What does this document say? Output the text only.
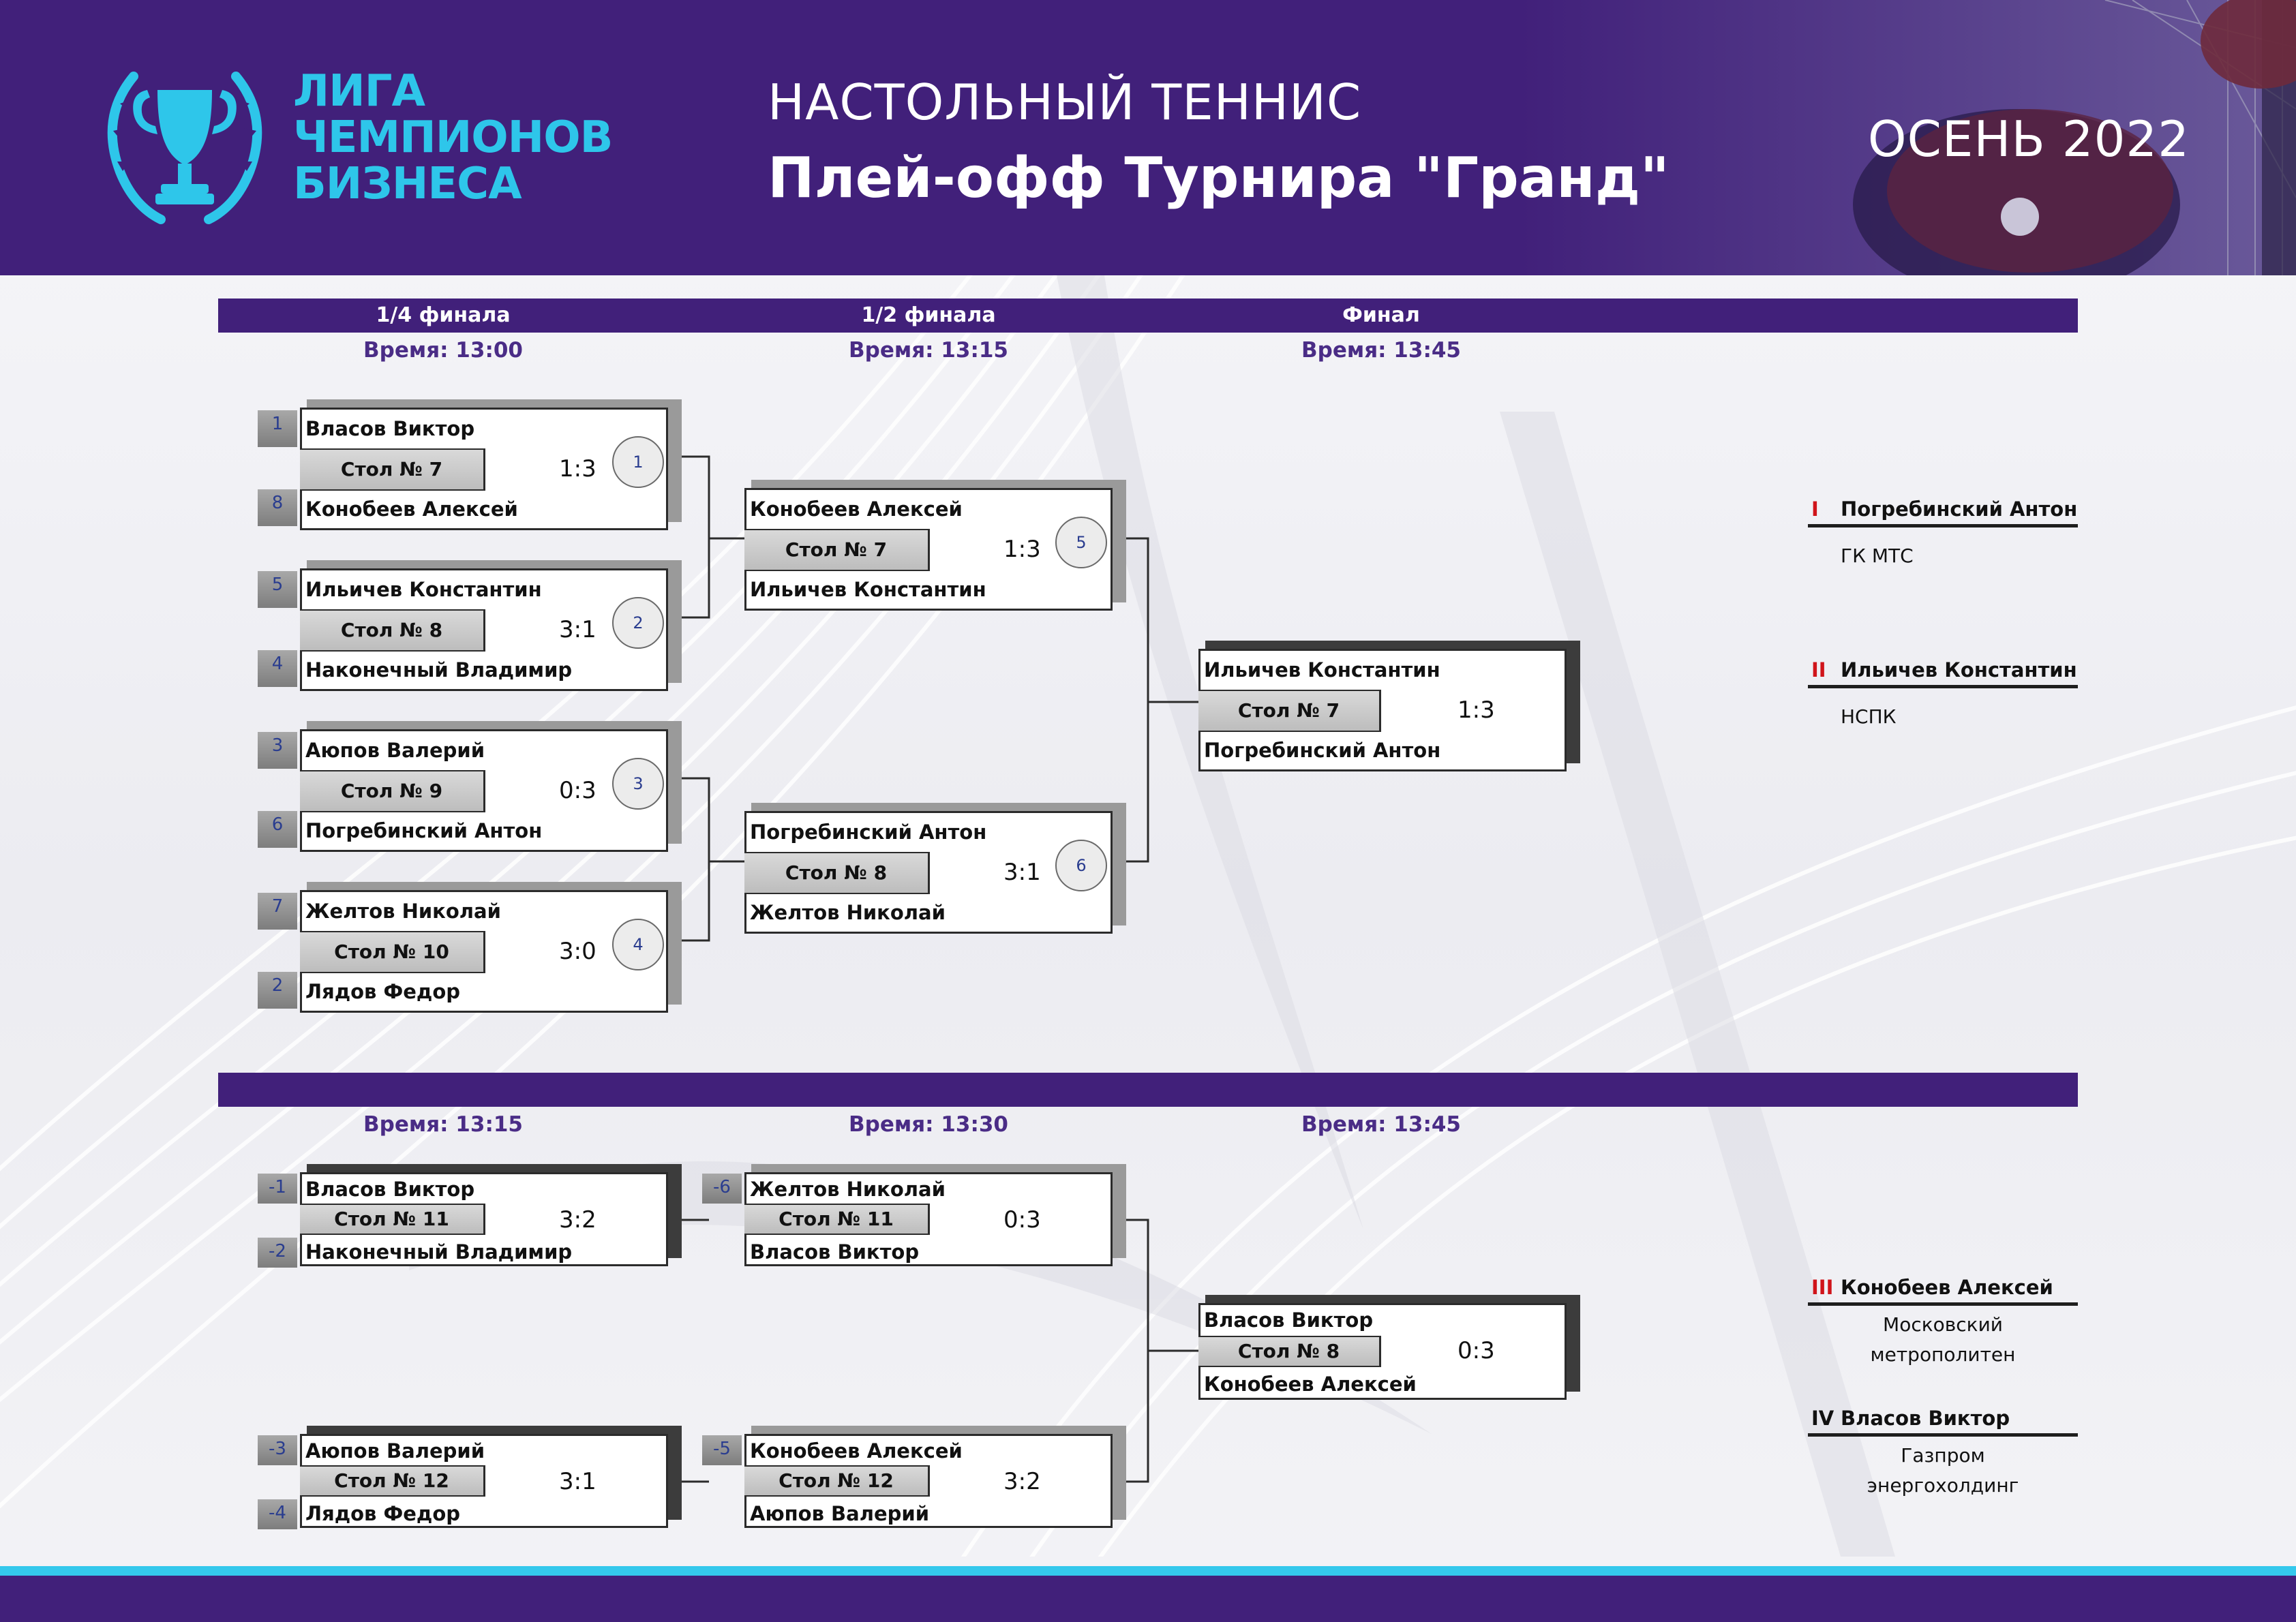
ЛИГА
ЧЕМПИОНОВ
БИЗНЕСА
НАСТОЛЬНЫЙ ТЕННИС
Плей-офф Турнира "Гранд"
ОСЕНЬ 2022
1/4 финала	1/2 финала	Финал
Время: 13:00	Время: 13:15	Время: 13:45
Время: 13:15	Время: 13:30	Время: 13:45
Власов Виктор
Стол № 7
Конобеев Алексей
1:3	1
1
8
Ильичев Константин
Стол № 8
Наконечный Владимир
3:1	2
5
4
Аюпов Валерий
Стол № 9
Погребинский Антон
0:3	3
3
6
Желтов Николай
Стол № 10
Лядов Федор
3:0	4
7
2
Конобеев Алексей
Стол № 7
Ильичев Константин
1:3	5
Погребинский Антон
Стол № 8
Желтов Николай
3:1	6
Ильичев Константин
Стол № 7
Погребинский Антон
1:3
Власов Виктор
Стол № 11
Наконечный Владимир
3:2
-1
-2
Аюпов Валерий
Стол № 12
Лядов Федор
3:1
-3
-4
Желтов Николай
Стол № 11
Власов Виктор
0:3
-6
Конобеев Алексей
Стол № 12
Аюпов Валерий
3:2
-5
Власов Виктор
Стол № 8
Конобеев Алексей
0:3
I Погребинский Антон
ГК МТС
II Ильичев Константин
НСПК
III Конобеев Алексей
Московский
метрополитен
IV Власов Виктор
Газпром
энергохолдинг
